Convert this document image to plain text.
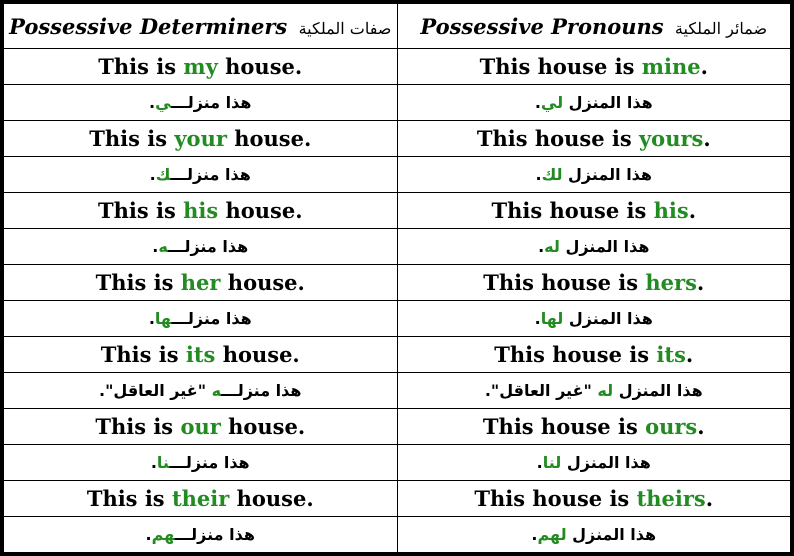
Possessive Determiners صفات الملكية	Possessive Pronouns ضمائر الملكية
This is my house.	This house is mine.
هذا منزلـــي.	هذا المنزل لي.
This is your house.	This house is yours.
هذا منزلـــك.	هذا المنزل لك.
This is his house.	This house is his.
هذا منزلـــه.	هذا المنزل له.
This is her house.	This house is hers.
هذا منزلـــها.	هذا المنزل لها.
This is its house.	This house is its.
هذا منزلـــه "غير العاقل".	هذا المنزل له "غير العاقل".
This is our house.	This house is ours.
هذا منزلـــنا.	هذا المنزل لنا.
This is their house.	This house is theirs.
هذا منزلـــهم.	هذا المنزل لهم.
